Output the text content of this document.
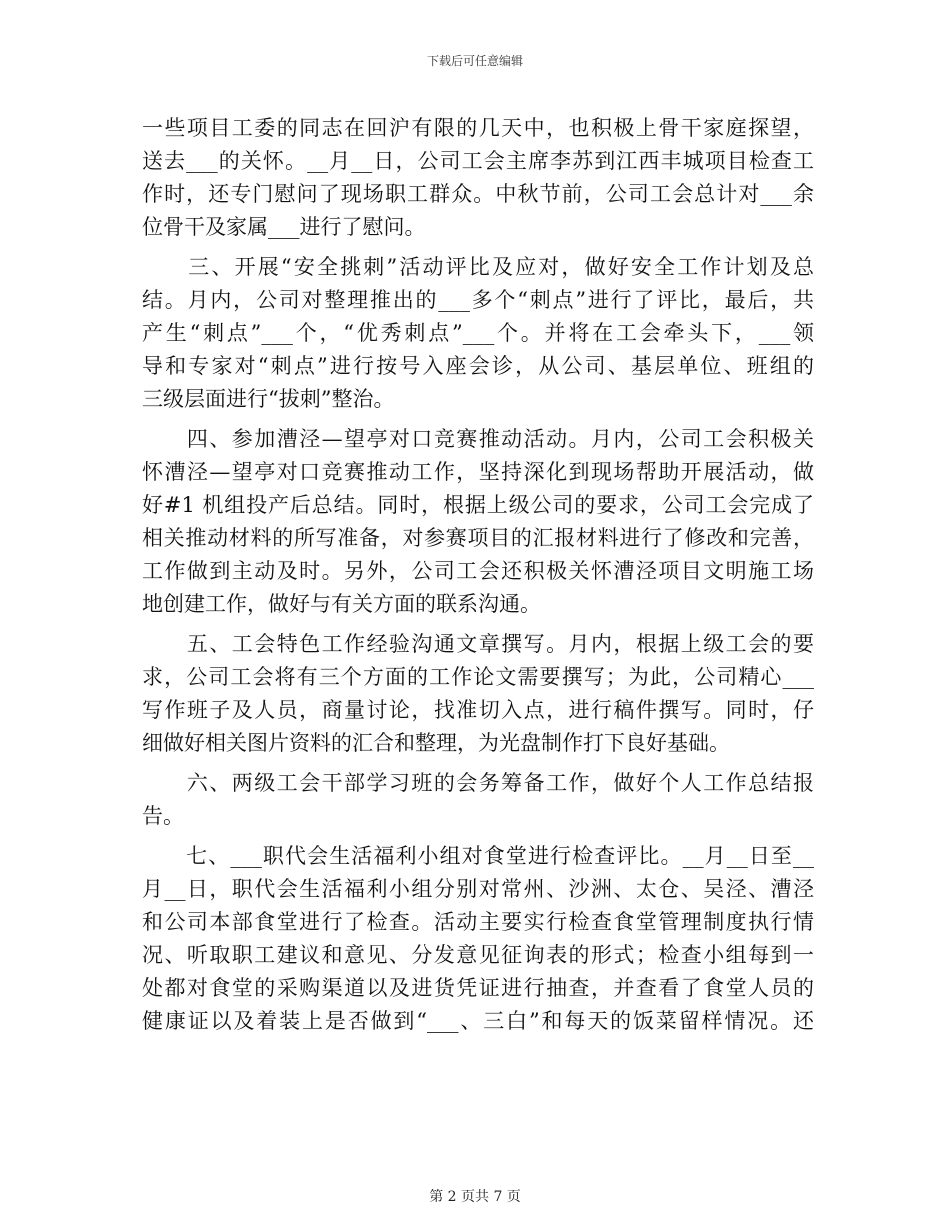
下载后可任意编辑
一些项目工委的同志在回沪有限的几天中，也积极上骨干家庭探望，
送去___的关怀。__月__日，公司工会主席李苏到江西丰城项目检查工
作时，还专门慰问了现场职工群众。中秋节前，公司工会总计对___余
位骨干及家属___进行了慰问。
　　三、开展“安全挑刺”活动评比及应对，做好安全工作计划及总
结。月内，公司对整理推出的___多个“刺点”进行了评比，最后，共
产生“刺点”___个，“优秀刺点”___个。并将在工会牵头下，___领
导和专家对“刺点”进行按号入座会诊，从公司、基层单位、班组的
三级层面进行“拔刺”整治。
　　四、参加漕泾—望亭对口竞赛推动活动。月内，公司工会积极关
怀漕泾—望亭对口竞赛推动工作，坚持深化到现场帮助开展活动，做
好#1 机组投产后总结。同时，根据上级公司的要求，公司工会完成了
相关推动材料的所写准备，对参赛项目的汇报材料进行了修改和完善，
工作做到主动及时。另外，公司工会还积极关怀漕泾项目文明施工场
地创建工作，做好与有关方面的联系沟通。
　　五、工会特色工作经验沟通文章撰写。月内，根据上级工会的要
求，公司工会将有三个方面的工作论文需要撰写；为此，公司精心___
写作班子及人员，商量讨论，找准切入点，进行稿件撰写。同时，仔
细做好相关图片资料的汇合和整理，为光盘制作打下良好基础。
　　六、两级工会干部学习班的会务筹备工作，做好个人工作总结报
告。
　　七、___职代会生活福利小组对食堂进行检查评比。__月__日至__
月__日，职代会生活福利小组分别对常州、沙洲、太仓、吴泾、漕泾
和公司本部食堂进行了检查。活动主要实行检查食堂管理制度执行情
况、听取职工建议和意见、分发意见征询表的形式；检查小组每到一
处都对食堂的采购渠道以及进货凭证进行抽查，并查看了食堂人员的
健康证以及着装上是否做到“___、三白”和每天的饭菜留样情况。还
第 2 页共 7 页
